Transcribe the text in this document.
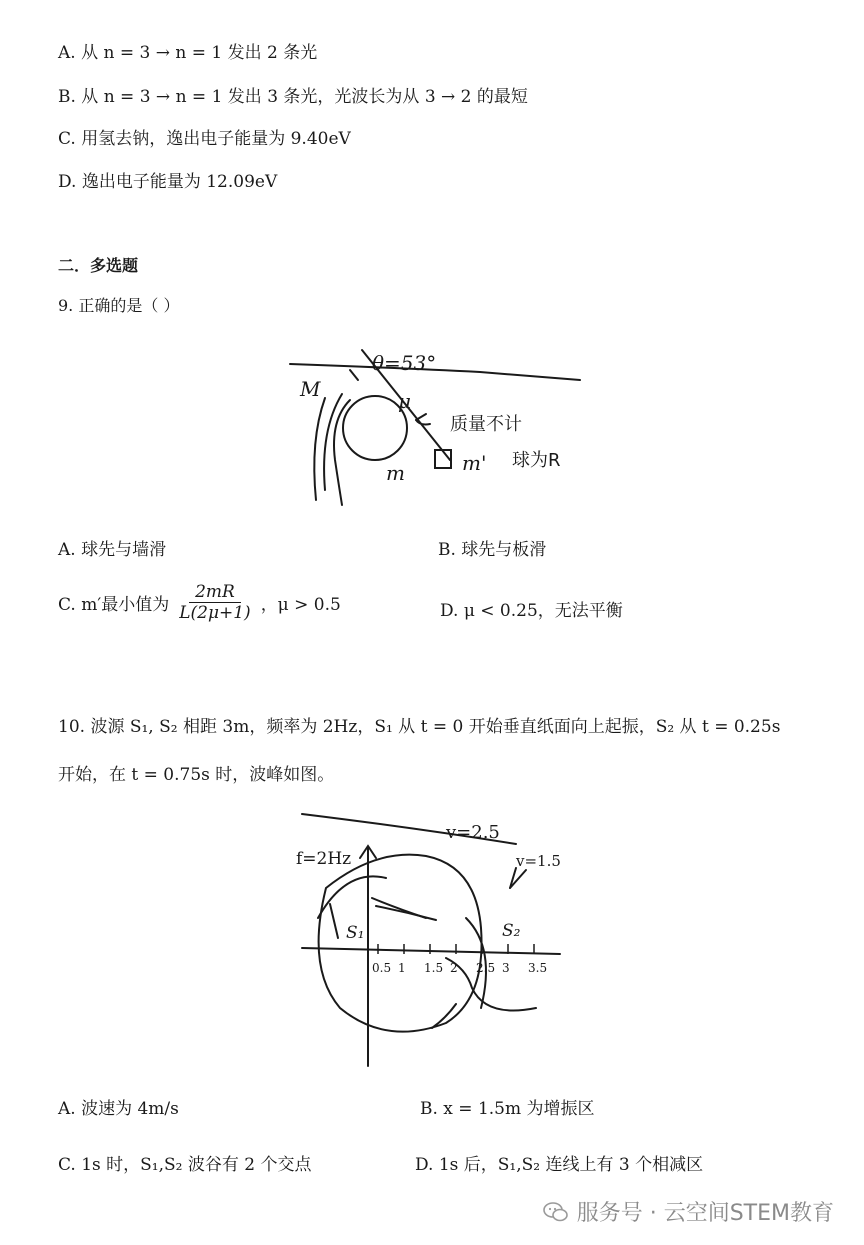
A. 从 n = 3 → n = 1 发出 2 条光
B. 从 n = 3 → n = 1 发出 3 条光，光波长为从 3 → 2 的最短
C. 用氢去钠，逸出电子能量为 9.40eV
D. 逸出电子能量为 12.09eV
二．多选题
9. 正确的是（ ）
θ=53°
M	μ
质量不计
m' 球为R
m
A. 球先与墙滑	B. 球先与板滑
C. m′最小值为 $\frac{2mR}{L(2\mu+1)}$ ，μ > 0.5	D. μ < 0.25，无法平衡
10. 波源 S₁, S₂ 相距 3m，频率为 2Hz，S₁ 从 t = 0 开始垂直纸面向上起振，S₂ 从 t = 0.25s
开始，在 t = 0.75s 时，波峰如图。
v=2.5
f=2Hz	v=1.5
S₁	S₂
0.5 1 1.5 2 2.5 3 3.5
A. 波速为 4m/s	B. x = 1.5m 为增振区
C. 1s 时，S₁,S₂ 波谷有 2 个交点	D. 1s 后，S₁,S₂ 连线上有 3 个相减区
服务号 · 云空间STEM教育
